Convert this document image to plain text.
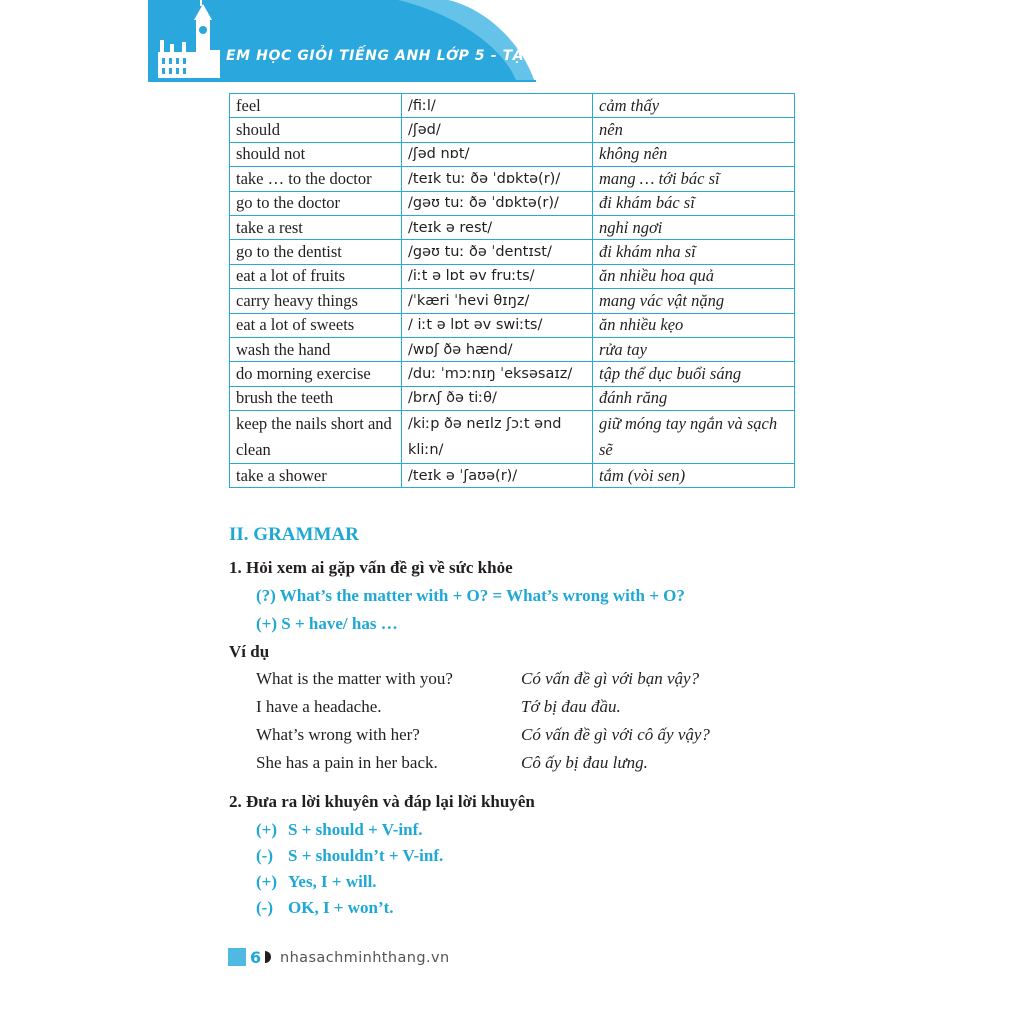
EM HỌC GIỎI TIẾNG ANH LỚP 5 - TẬP 2
feel	/fiːl/	cảm thấy
should	/ʃəd/	nên
should not	/ʃəd nɒt/	không nên
take … to the doctor	/teɪk tuː ðə ˈdɒktə(r)/	mang … tới bác sĩ
go to the doctor	/gəʊ tuː ðə ˈdɒktə(r)/	đi khám bác sĩ
take a rest	/teɪk ə rest/	nghỉ ngơi
go to the dentist	/gəʊ tuː ðə ˈdentɪst/	đi khám nha sĩ
eat a lot of fruits	/iːt ə lɒt əv fruːts/	ăn nhiều hoa quả
carry heavy things	/ˈkæri ˈhevi θɪŋz/	mang vác vật nặng
eat a lot of sweets	/ iːt ə lɒt əv swiːts/	ăn nhiều kẹo
wash the hand	/wɒʃ ðə hænd/	rửa tay
do morning exercise	/duː ˈmɔːnɪŋ ˈeksəsaɪz/	tập thể dục buổi sáng
brush the teeth	/brʌʃ ðə tiːθ/	đánh răng
keep the nails short and clean	/kiːp ðə neɪlz ʃɔːt ənd kliːn/	giữ móng tay ngắn và sạch sẽ
take a shower	/teɪk ə ˈʃaʊə(r)/	tắm (vòi sen)
II. GRAMMAR
1. Hỏi xem ai gặp vấn đề gì về sức khỏe
(?) What’s the matter with + O? = What’s wrong with + O?
(+) S + have/ has …
Ví dụ
What is the matter with you?	Có vấn đề gì với bạn vậy?
I have a headache.	Tớ bị đau đầu.
What’s wrong with her?	Có vấn đề gì với cô ấy vậy?
She has a pain in her back.	Cô ấy bị đau lưng.
2. Đưa ra lời khuyên và đáp lại lời khuyên
(+) S + should + V-inf.
(-) S + shouldn’t + V-inf.
(+) Yes, I + will.
(-) OK, I + won’t.
6 nhasachminhthang.vn
